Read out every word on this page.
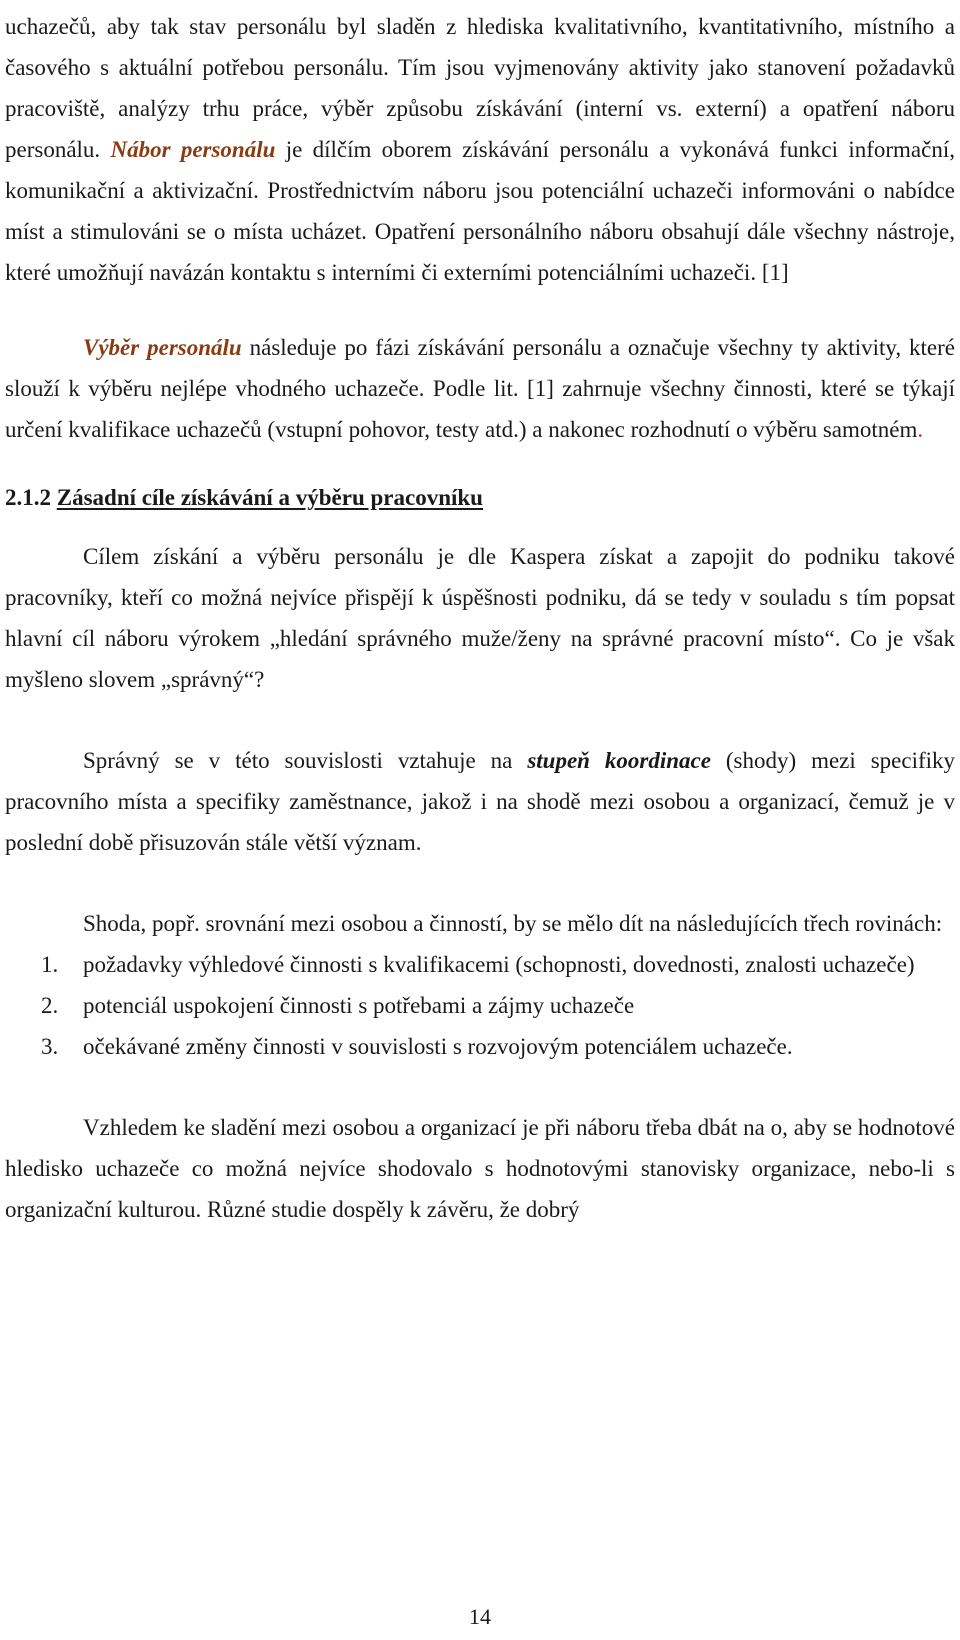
uchazečů, aby tak stav personálu byl sladěn z hlediska kvalitativního, kvantitativního, místního a časového s aktuální potřebou personálu. Tím jsou vyjmenovány aktivity jako stanovení požadavků pracoviště, analýzy trhu práce, výběr způsobu získávání (interní vs. externí) a opatření náboru personálu. Nábor personálu je dílčím oborem získávání personálu a vykonává funkci informační, komunikační a aktivizační. Prostřednictvím náboru jsou potenciální uchazeči informováni o nabídce míst a stimulováni se o místa ucházet. Opatření personálního náboru obsahují dále všechny nástroje, které umožňují navázán kontaktu s interními či externími potenciálními uchazeči. [1]

Výběr personálu následuje po fázi získávání personálu a označuje všechny ty aktivity, které slouží k výběru nejlépe vhodného uchazeče. Podle lit. [1] zahrnuje všechny činnosti, které se týkají určení kvalifikace uchazečů (vstupní pohovor, testy atd.) a nakonec rozhodnutí o výběru samotném.

2.1.2 Zásadní cíle získávání a výběru pracovníku

Cílem získání a výběru personálu je dle Kaspera získat a zapojit do podniku takové pracovníky, kteří co možná nejvíce přispějí k úspěšnosti podniku, dá se tedy v souladu s tím popsat hlavní cíl náboru výrokem „hledání správného muže/ženy na správné pracovní místo“. Co je však myšleno slovem „správný“?

Správný se v této souvislosti vztahuje na stupeň koordinace (shody) mezi specifiky pracovního místa a specifiky zaměstnance, jakož i na shodě mezi osobou a organizací, čemuž je v poslední době přisuzován stále větší význam.

Shoda, popř. srovnání mezi osobou a činností, by se mělo dít na následujících třech rovinách:

1. požadavky výhledové činnosti s kvalifikacemi (schopnosti, dovednosti, znalosti uchazeče)
2. potenciál uspokojení činnosti s potřebami a zájmy uchazeče
3. očekávané změny činnosti v souvislosti s rozvojovým potenciálem uchazeče.

Vzhledem ke sladění mezi osobou a organizací je při náboru třeba dbát na o, aby se hodnotové hledisko uchazeče co možná nejvíce shodovalo s hodnotovými stanovisky organizace, nebo-li s organizační kulturou. Různé studie dospěly k závěru, že dobrý

14
